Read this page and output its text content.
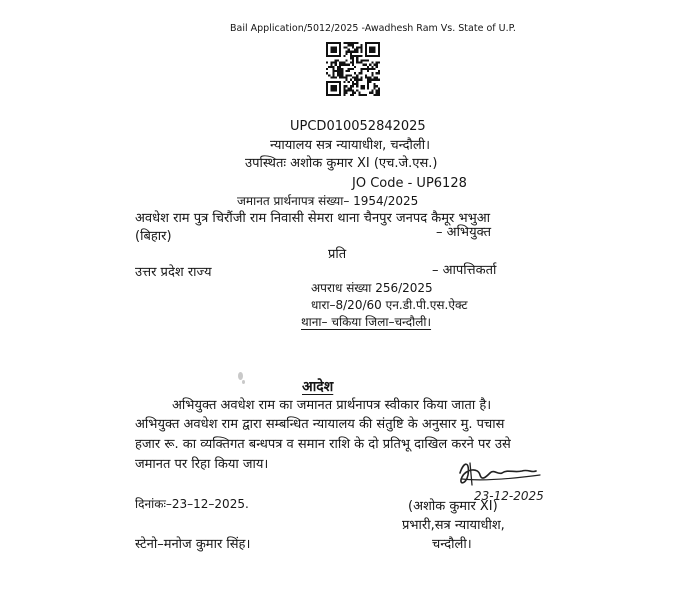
Bail Application/5012/2025 -Awadhesh Ram Vs. State of U.P.
UPCD010052842025
न्यायालय सत्र न्यायाधीश, चन्दौली।
उपस्थितः अशोक कुमार XI (एच.जे.एस.)
JO Code - UP6128
जमानत प्रार्थनापत्र संख्या– 1954/2025
अवधेश राम पुत्र चिरौंजी राम निवासी सेमरा थाना चैनपुर जनपद कैमूर भभुआ
(बिहार)	– अभियुक्त
प्रति
उत्तर प्रदेश राज्य	– आपत्तिकर्ता
अपराध संख्या 256/2025
धारा–8/20/60 एन.डी.पी.एस.ऐक्ट
थाना– चकिया जिला–चन्दौली।
आदेश
अभियुक्त अवधेश राम का जमानत प्रार्थनापत्र स्वीकार किया जाता है।
अभियुक्त अवधेश राम द्वारा सम्बन्धित न्यायालय की संतुष्टि के अनुसार मु. पचास
हजार रू. का व्यक्तिगत बन्धपत्र व समान राशि के दो प्रतिभू दाखिल करने पर उसे
जमानत पर रिहा किया जाय।
दिनांकः–23–12–2025.	(अशोक कुमार XI)
प्रभारी,सत्र न्यायाधीश,
चन्दौली।
स्टेनो–मनोज कुमार सिंह।
23-12-2025
